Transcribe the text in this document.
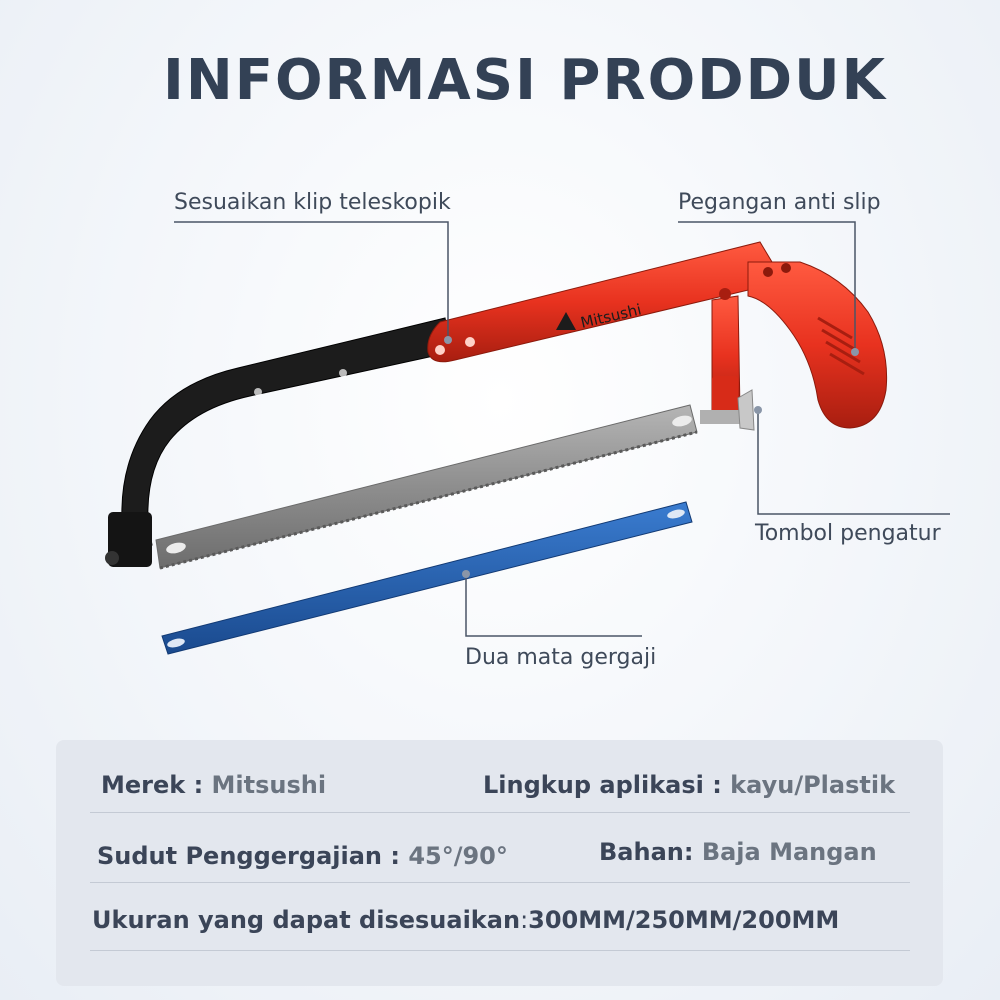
INFORMASI PRODDUK
Mitsushi
Sesuaikan klip teleskopik	Pegangan anti slip
Tombol pengatur
Dua mata gergaji
Merek : Mitsushi	Lingkup aplikasi : kayu/Plastik
Sudut Penggergajian : 45°/90°	Bahan: Baja Mangan
Ukuran yang dapat disesuaikan:300MM/250MM/200MM
